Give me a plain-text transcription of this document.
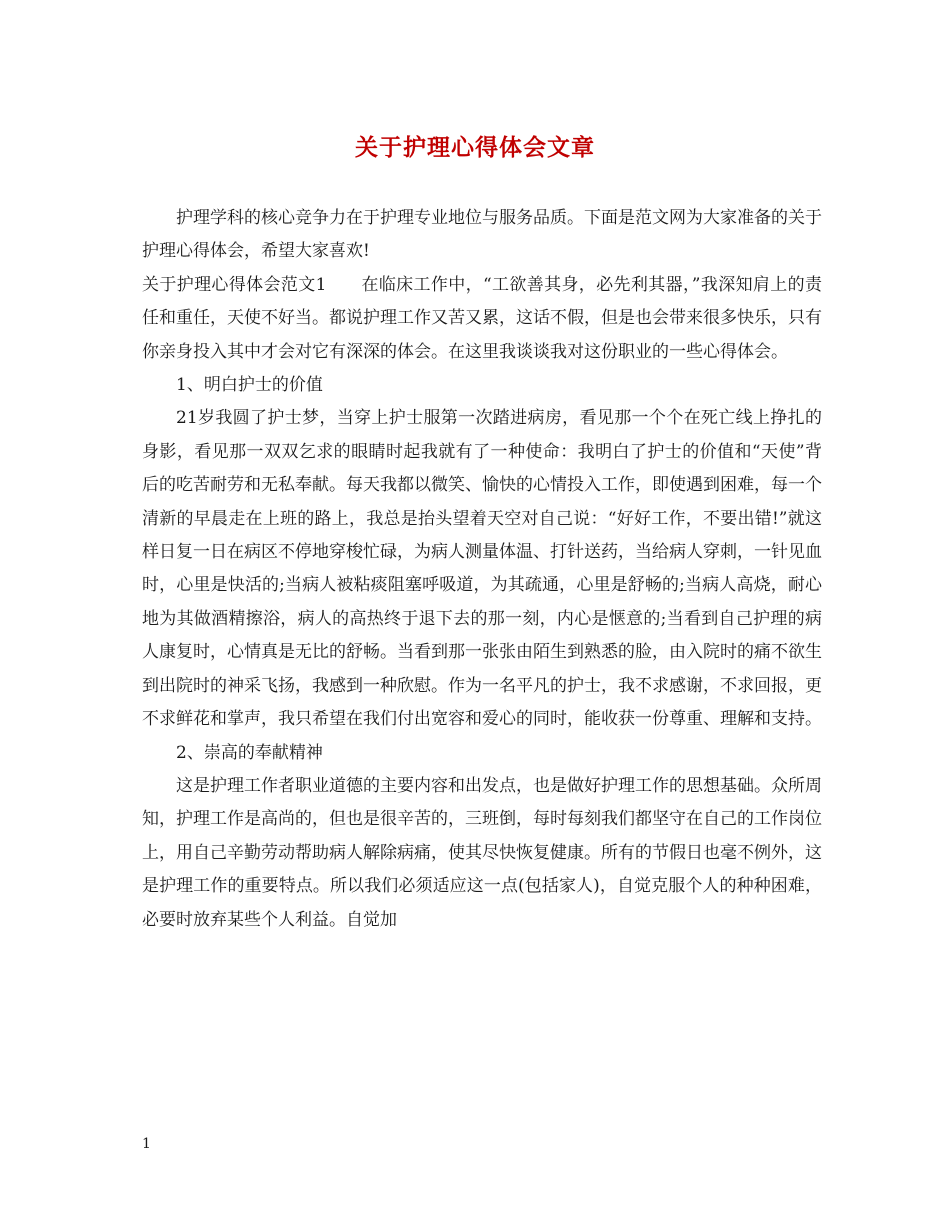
关于护理心得体会文章

护理学科的核心竞争力在于护理专业地位与服务品质。下面是范文网为大家准备的关于护理心得体会，希望大家喜欢!

关于护理心得体会范文1　　在临床工作中，“工欲善其身，必先利其器，”我深知肩上的责任和重任，天使不好当。都说护理工作又苦又累，这话不假，但是也会带来很多快乐，只有你亲身投入其中才会对它有深深的体会。在这里我谈谈我对这份职业的一些心得体会。

1、明白护士的价值

21岁我圆了护士梦，当穿上护士服第一次踏进病房，看见那一个个在死亡线上挣扎的身影，看见那一双双乞求的眼睛时起我就有了一种使命：我明白了护士的价值和“天使”背后的吃苦耐劳和无私奉献。每天我都以微笑、愉快的心情投入工作，即使遇到困难，每一个清新的早晨走在上班的路上，我总是抬头望着天空对自己说：“好好工作，不要出错!”就这样日复一日在病区不停地穿梭忙碌，为病人测量体温、打针送药，当给病人穿刺，一针见血时，心里是快活的;当病人被粘痰阻塞呼吸道，为其疏通，心里是舒畅的;当病人高烧，耐心地为其做酒精擦浴，病人的高热终于退下去的那一刻，内心是惬意的;当看到自己护理的病人康复时，心情真是无比的舒畅。当看到那一张张由陌生到熟悉的脸，由入院时的痛不欲生到出院时的神采飞扬，我感到一种欣慰。作为一名平凡的护士，我不求感谢，不求回报，更不求鲜花和掌声，我只希望在我们付出宽容和爱心的同时，能收获一份尊重、理解和支持。

2、崇高的奉献精神

这是护理工作者职业道德的主要内容和出发点，也是做好护理工作的思想基础。众所周知，护理工作是高尚的，但也是很辛苦的，三班倒，每时每刻我们都坚守在自己的工作岗位上，用自己辛勤劳动帮助病人解除病痛，使其尽快恢复健康。所有的节假日也毫不例外，这是护理工作的重要特点。所以我们必须适应这一点(包括家人)，自觉克服个人的种种困难，必要时放弃某些个人利益。自觉加

1
